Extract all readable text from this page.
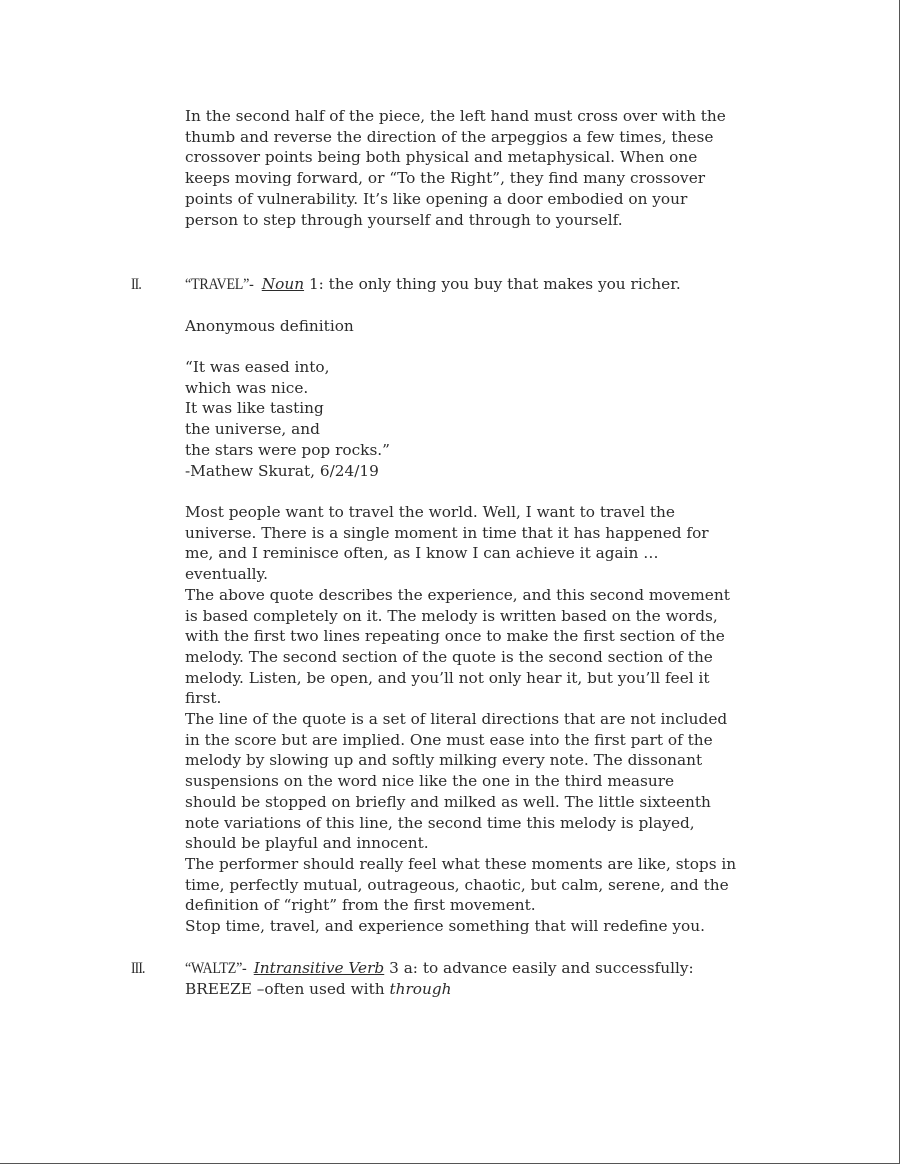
In the second half of the piece, the left hand must cross over with the
thumb and reverse the direction of the arpeggios a few times, these
crossover points being both physical and metaphysical. When one
keeps moving forward, or “To the Right”, they find many crossover
points of vulnerability. It’s like opening a door embodied on your
person to step through yourself and through to yourself.
II.	“TRAVEL”- Noun 1: the only thing you buy that makes you richer.
Anonymous definition
“It was eased into,
which was nice.
It was like tasting
the universe, and
the stars were pop rocks.”
-Mathew Skurat, 6/24/19
Most people want to travel the world. Well, I want to travel the
universe. There is a single moment in time that it has happened for
me, and I reminisce often, as I know I can achieve it again …
eventually.
The above quote describes the experience, and this second movement
is based completely on it. The melody is written based on the words,
with the first two lines repeating once to make the first section of the
melody. The second section of the quote is the second section of the
melody. Listen, be open, and you’ll not only hear it, but you’ll feel it
first.
The line of the quote is a set of literal directions that are not included
in the score but are implied. One must ease into the first part of the
melody by slowing up and softly milking every note. The dissonant
suspensions on the word nice like the one in the third measure
should be stopped on briefly and milked as well. The little sixteenth
note variations of this line, the second time this melody is played,
should be playful and innocent.
The performer should really feel what these moments are like, stops in
time, perfectly mutual, outrageous, chaotic, but calm, serene, and the
definition of “right” from the first movement.
Stop time, travel, and experience something that will redefine you.
III.	“WALTZ”- Intransitive Verb 3 a: to advance easily and successfully:
BREEZE –often used with through
